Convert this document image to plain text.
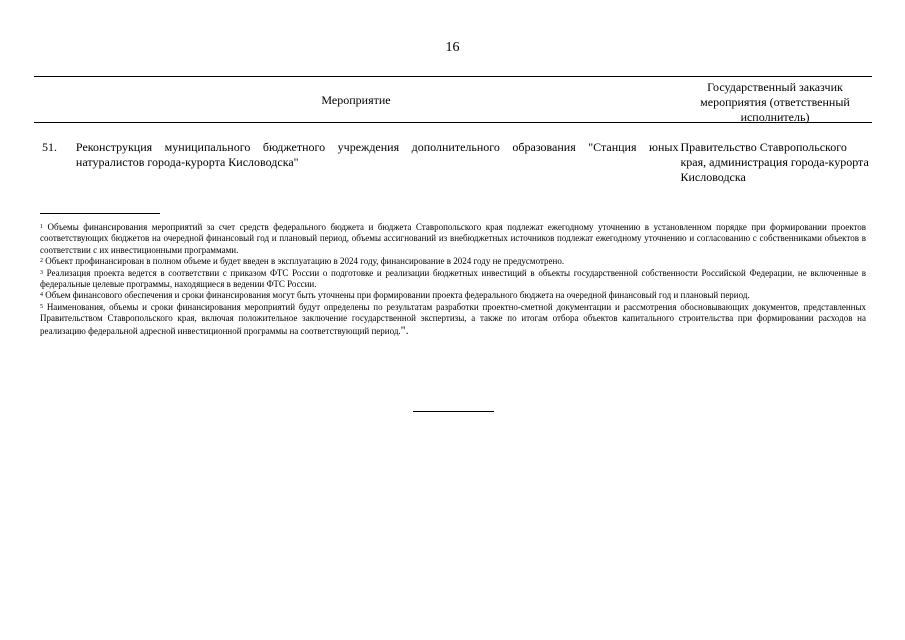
16
Мероприятие
Государственный заказчик мероприятия (ответственный исполнитель)
51.	Реконструкция муниципального бюджетного учреждения дополнительного образования "Станция юных натуралистов города-курорта Кисловодска"
Правительство Ставропольского края, администрация города-курорта Кисловодска

$^1$ Объемы финансирования мероприятий за счет средств федерального бюджета и бюджета Ставропольского края подлежат ежегодному уточнению в установленном порядке при формировании проектов соответствующих бюджетов на очередной финансовый год и плановый период, объемы ассигнований из внебюджетных источников подлежат ежегодному уточнению и согласованию с собственниками объектов в соответствии с их инвестиционными программами.

$^2$ Объект профинансирован в полном объеме и будет введен в эксплуатацию в 2024 году, финансирование в 2024 году не предусмотрено.

$^3$ Реализация проекта ведется в соответствии с приказом ФТС России о подготовке и реализации бюджетных инвестиций в объекты государственной собственности Российской Федерации, не включенные в федеральные целевые программы, находящиеся в ведении ФТС России.

$^4$ Объем финансового обеспечения и сроки финансирования могут быть уточнены при формировании проекта федерального бюджета на очередной финансовый год и плановый период.

$^5$ Наименования, объемы и сроки финансирования мероприятий будут определены по результатам разработки проектно-сметной документации и рассмотрения обосновывающих документов, представленных Правительством Ставропольского края, включая положительное заключение государственной экспертизы, а также по итогам отбора объектов капитального строительства при формировании расходов на реализацию федеральной адресной инвестиционной программы на соответствующий период.".
